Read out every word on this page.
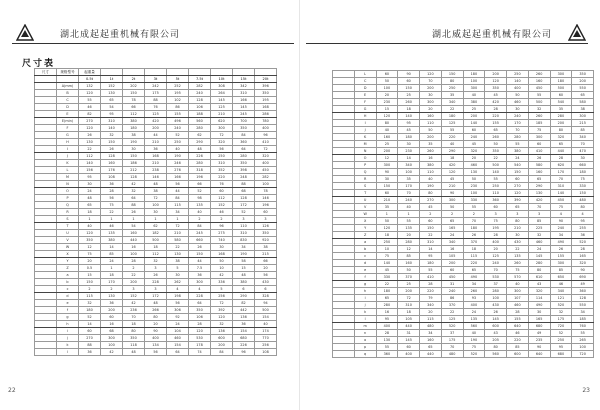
湖北成起起重机械有限公司
尺寸表
尺寸	规格型号	起重量								
		0.5t	1t	2t	3t	5t	7.5t	10t	15t	20t
	A(mm)	132	152	202	242	252	282	308	342	396
	B	120	130	150	175	195	240	264	310	350
	C	55	65	78	88	102	128	145	166	195
	D	46	54	66	76	86	106	125	145	168
	E	82	95	112	125	155	188	210	245	286
	E(min)	270	310	380	420	496	560	620	700	780
	F	120	140	180	200	240	280	300	350	400
	G	26	32	38	44	52	62	72	84	96
	H	130	150	190	210	250	290	320	360	410
	I	22	26	30	36	40	48	56	64	72
	J	112	128	150	168	190	226	250	280	320
	K	140	160	186	210	246	280	310	350	400
	L	156	176	212	238	276	318	352	398	450
	M	95	108	128	146	166	196	220	248	282
	N	30	36	42	48	56	66	76	88	100
	O	24	28	32	38	44	52	60	68	78
	P	48	56	64	72	84	98	112	128	146
	Q	65	75	88	100	115	135	152	172	196
	R	18	22	26	30	34	40	46	52	60
	S	1	1	1	1	1	2	2	3	3
	T	40	46	54	62	72	84	96	110	126
	U	120	135	160	182	210	245	275	310	350
	V	350	380	440	500	580	660	740	830	920
	W	12	14	16	18	22	26	30	34	38
	X	75	85	100	112	130	150	168	190	215
	Y	20	24	28	32	38	44	50	58	66
	Z	0.5	1	2	3	5	7.5	10	15	20
	a	15	18	22	26	30	36	42	48	56
	b	150	170	200	228	262	300	336	380	430
	c	2	2	3	3	4	4	5	6	6
	d	115	130	152	172	198	228	256	290	328
	e	32	36	42	48	56	64	72	82	94
	f	180	200	236	266	306	350	392	442	500
	g	52	60	70	80	92	106	120	136	154
	h	14	16	18	20	24	28	32	36	40
	i	60	68	80	90	104	120	136	154	174
	j	270	300	350	400	460	530	600	680	770
	k	88	100	118	134	154	178	200	226	256
	l	36	42	48	56	64	74	84	96	108
22
湖北威起起重机械有限公司
	L	60	90	120	150	180	200	250	260	300	350
	C	50	60	70	80	100	120	140	160	180	200
	D	100	150	200	250	300	350	400	450	500	550
	E	20	25	30	35	40	45	50	55	60	65
	F	230	260	300	340	380	420	460	500	540	580
	G	15	18	20	22	25	28	30	32	35	38
	H	120	140	160	180	200	220	240	260	280	300
	I	80	95	110	125	140	155	170	185	200	215
	J	40	45	50	55	60	65	70	75	80	85
	K	160	180	200	220	240	260	280	300	320	340
	M	25	30	35	40	45	50	55	60	65	70
	N	200	230	260	290	320	350	380	410	440	470
	O	12	14	16	18	20	22	24	26	28	30
	P	300	340	380	420	460	500	540	580	620	660
	Q	90	100	110	120	130	140	150	160	170	180
	R	30	35	40	45	50	55	60	65	70	75
	S	150	170	190	210	230	250	270	290	310	330
	T	60	70	80	90	100	110	120	130	140	150
	U	210	240	270	300	330	360	390	420	450	480
	V	35	40	45	50	55	60	65	70	75	80
	W	1	1	2	2	2	3	3	3	4	4
	X	50	55	60	65	70	75	80	85	90	95
	Y	120	135	150	165	180	195	210	225	240	255
	Z	18	20	22	24	26	28	30	32	34	36
	a	250	280	310	340	370	400	430	460	490	520
	b	10	12	14	16	18	20	22	24	26	28
	c	75	85	95	105	115	125	135	145	155	165
	d	140	160	180	200	220	240	260	280	300	320
	e	45	50	55	60	65	70	75	80	85	90
	f	330	370	410	450	490	530	570	610	650	690
	g	22	25	28	31	34	37	40	43	46	49
	h	180	200	220	240	260	280	300	320	340	360
	i	65	72	79	86	93	100	107	114	121	128
	j	280	310	340	370	400	430	460	490	520	550
	k	16	18	20	22	24	26	28	30	32	34
	l	95	105	115	125	135	145	155	165	175	185
	m	400	440	480	520	560	600	640	680	720	760
	n	28	31	34	37	40	43	46	49	52	55
	o	130	145	160	175	190	205	220	235	250	265
	p	55	60	65	70	75	80	85	90	95	100
	q	360	400	440	480	520	560	600	640	680	720
23
